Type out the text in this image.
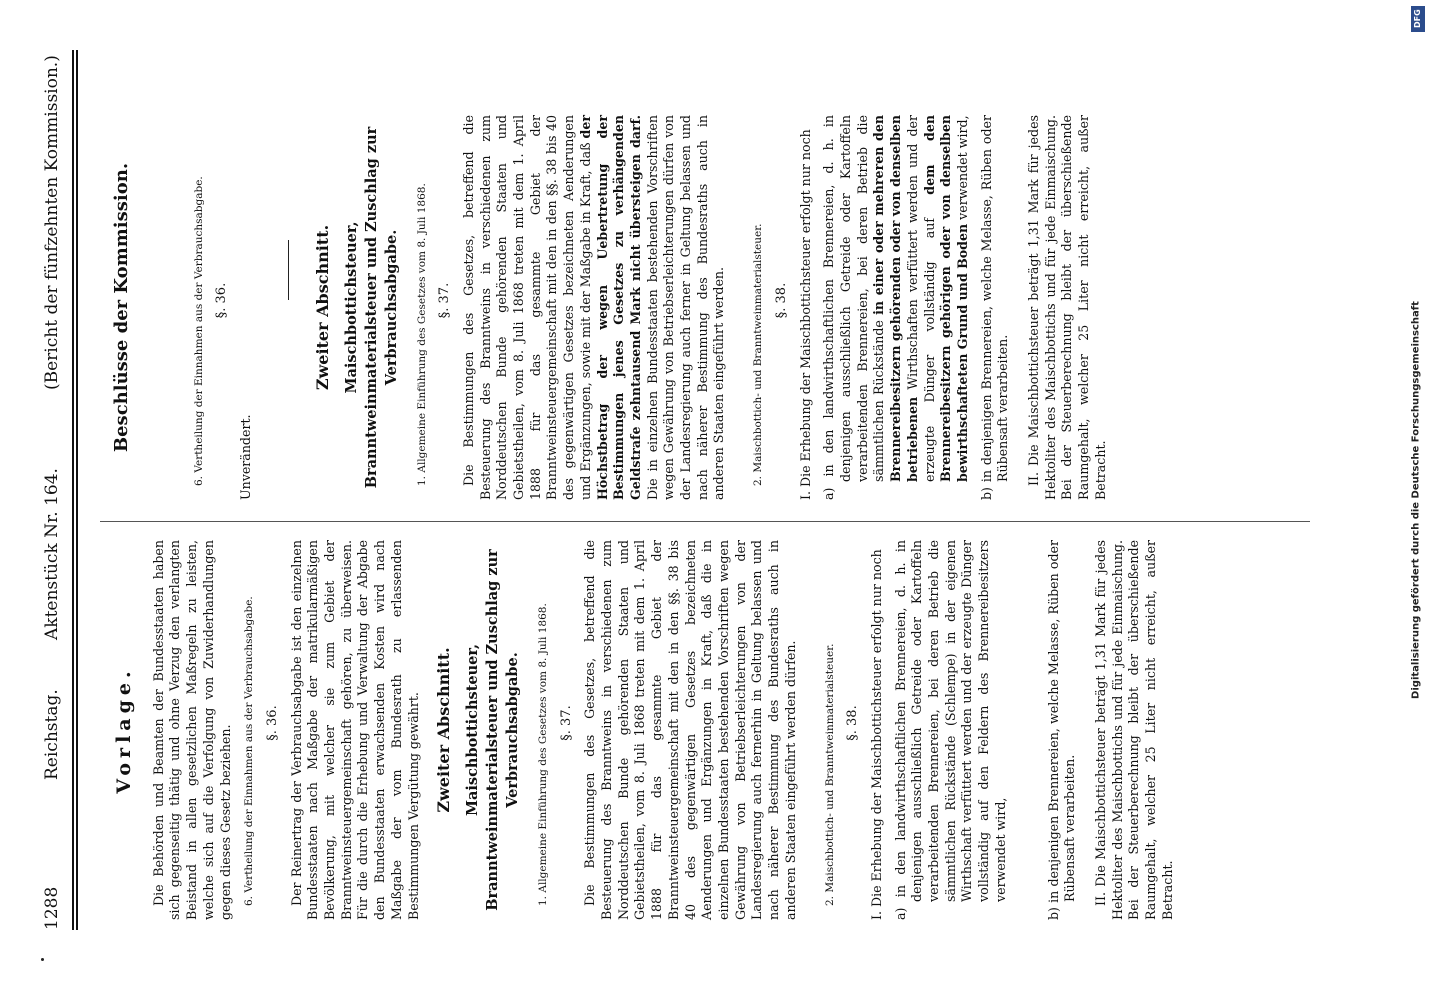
1288
Reichstag.
Aktenstück Nr. 164.
(Bericht der fünfzehnten Kommission.)
Vorlage. Die Behörden und Beamten der Bundesstaaten haben sich gegenseitig thätig und ohne Verzug den verlangten Beistand in allen gesetzlichen Maßregeln zu leisten, welche sich auf die Verfolgung von Zuwiderhandlungen gegen dieses Gesetz beziehen. 6. Vertheilung der Einnahmen aus der Verbrauchsabgabe. §. 36. Der Reinertrag der Verbrauchsabgabe ist den einzelnen Bundesstaaten nach Maßgabe der matrikularmäßigen Bevölkerung, mit welcher sie zum Gebiet der Branntweinsteuergemeinschaft gehören, zu überweisen. Für die durch die Erhebung und Verwaltung der Abgabe den Bundesstaaten erwachsenden Kosten wird nach Maßgabe der vom Bundesrath zu erlassenden Bestimmungen Vergütung gewährt. Zweiter Abschnitt. Maischbottichsteuer, Branntweinmaterialsteuer und Zuschlag zur Verbrauchsabgabe. 1. Allgemeine Einführung des Gesetzes vom 8. Juli 1868. §. 37. Die Bestimmungen des Gesetzes, betreffend die Besteuerung des Branntweins in verschiedenen zum Norddeutschen Bunde gehörenden Staaten und Gebietstheilen, vom 8. Juli 1868 treten mit dem 1. April 1888 für das gesammte Gebiet der Branntweinsteuergemeinschaft mit den in den §§. 38 bis 40 des gegenwärtigen Gesetzes bezeichneten Aenderungen und Ergänzungen in Kraft, daß die in einzelnen Bundesstaaten bestehenden Vorschriften wegen Gewährung von Betriebserleichterungen von der Landesregierung auch fernerhin in Geltung belassen und nach näherer Bestimmung des Bundesraths auch in anderen Staaten eingeführt werden dürfen. 2. Maischbottich- und Branntweinmaterialsteuer. §. 38. I. Die Erhebung der Maischbottichsteuer erfolgt nur noch a) in den landwirthschaftlichen Brennereien, d. h. in denjenigen ausschließlich Getreide oder Kartoffeln verarbeitenden Brennereien, bei deren Betrieb die sämmtlichen Rückstände (Schlempe) in der eigenen Wirthschaft verfüttert werden und der erzeugte Dünger vollständig auf den Feldern des Brennereibesitzers verwendet wird,	b) in denjenigen Brennereien, welche Melasse, Rüben oder Rübensaft verarbeiten. II. Die Maischbottichsteuer beträgt 1,31 Mark für jedes Hektoliter des Maischbottichs und für jede Einmaischung. Bei der Steuerberechnung bleibt der überschießende Raumgehalt, welcher 25 Liter nicht erreicht, außer Betracht.

Beschlüsse der Kommission.	6. Vertheilung der Einnahmen aus der Verbrauchsabgabe. §. 36.

Unverändert.

Zweiter Abschnitt. Maischbottichsteuer, Branntweinmaterialsteuer und Zuschlag zur Verbrauchsabgabe. 1. Allgemeine Einführung des Gesetzes vom 8. Juli 1868. §. 37. Die Bestimmungen des Gesetzes, betreffend die Besteuerung des Branntweins in verschiedenen zum Norddeutschen Bunde gehörenden Staaten und Gebietstheilen, vom 8. Juli 1868 treten mit dem 1. April 1888 für das gesammte Gebiet der Branntweinsteuergemeinschaft mit den in den §§. 38 bis 40 des gegenwärtigen Gesetzes bezeichneten Aenderungen und Ergänzungen, sowie mit der Maßgabe in Kraft, daß der Höchstbetrag der wegen Uebertretung der Bestimmungen jenes Gesetzes zu verhängenden Geldstrafe zehntausend Mark nicht übersteigen darf. Die in einzelnen Bundesstaaten bestehenden Vorschriften wegen Gewährung von Betriebserleichterungen dürfen von der Landesregierung auch ferner in Geltung belassen und nach näherer Bestimmung des Bundesraths auch in anderen Staaten eingeführt werden. 2. Maischbottich- und Branntweinmaterialsteuer. §. 38. I. Die Erhebung der Maischbottichsteuer erfolgt nur noch a) in den landwirthschaftlichen Brennereien, d. h. in denjenigen ausschließlich Getreide oder Kartoffeln verarbeitenden Brennereien, bei deren Betrieb die sämmtlichen Rückstände in einer oder mehreren den Brennereibesitzern gehörenden oder von denselben betriebenen Wirthschaften verfüttert werden und der erzeugte Dünger vollständig auf dem den Brennereibesitzern gehörigen oder von denselben bewirthschafteten Grund und Boden verwendet wird, b) in denjenigen Brennereien, welche Melasse, Rüben oder Rübensaft verarbeiten. II. Die Maischbottichsteuer beträgt 1,31 Mark für jedes Hektoliter des Maischbottichs und für jede Einmaischung. Bei der Steuerberechnung bleibt der überschießende Raumgehalt, welcher 25 Liter nicht erreicht, außer Betracht.

DFG
Digitalisierung gefördert durch die Deutsche Forschungsgemeinschaft
